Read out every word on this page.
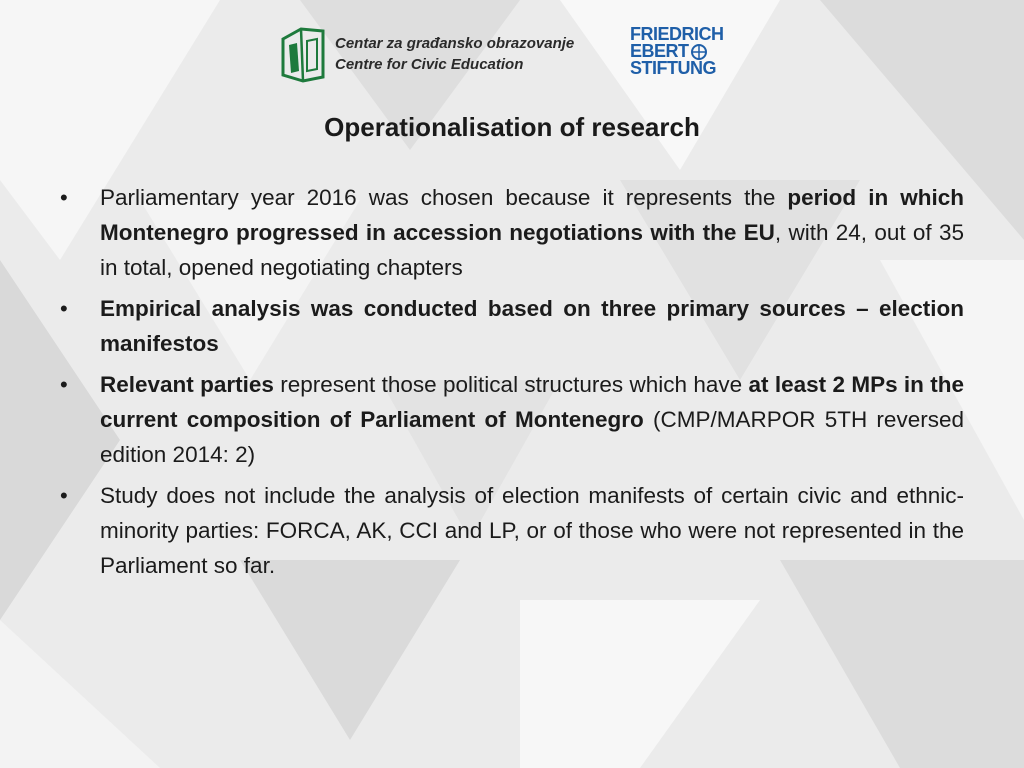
Centar za građansko obrazovanje
Centre for Civic Education
FRIEDRICH
EBERT
STIFTUNG
Operationalisation of research
• Parliamentary year 2016 was chosen because it represents the period in which Montenegro progressed in accession negotiations with the EU, with 24, out of 35 in total, opened negotiating chapters
• Empirical analysis was conducted based on three primary sources – election manifestos
• Relevant parties represent those political structures which have at least 2 MPs in the current composition of Parliament of Montenegro (CMP/MARPOR 5TH reversed edition 2014: 2)
• Study does not include the analysis of election manifests of certain civic and ethnic-minority parties: FORCA, AK, CCI and LP, or of those who were not represented in the Parliament so far.
